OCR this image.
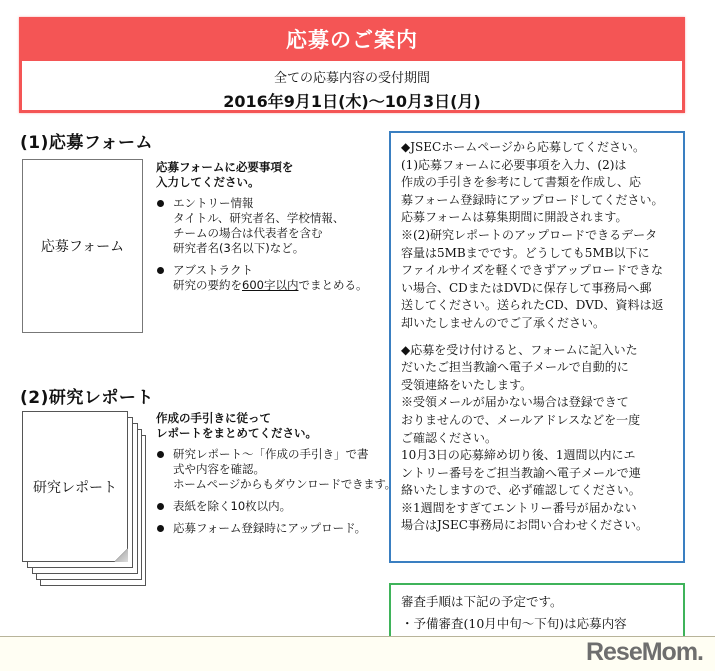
応募のご案内
全ての応募内容の受付期間
2016年9月1日(木)〜10月3日(月)
(1)応募フォーム
応募フォーム
応募フォームに必要事項を
入力してください。
エントリー情報
タイトル、研究者名、学校情報、
チームの場合は代表者を含む
研究者名(3名以下)など。
アブストラクト
研究の要約を600字以内でまとめる。
(2)研究レポート
研究レポート
作成の手引きに従って
レポートをまとめてください。
研究レポート〜「作成の手引き」で書
式や内容を確認。
ホームページからもダウンロードできます。
表紙を除く10枚以内。
応募フォーム登録時にアップロード。

◆JSECホームページから応募してください。

(1)応募フォームに必要事項を入力、(2)は

作成の手引きを参考にして書類を作成し、応

募フォーム登録時にアップロードしてください。

応募フォームは募集期間に開設されます。

※(2)研究レポートのアップロードできるデータ

容量は5MBまでです。どうしても5MB以下に

ファイルサイズを軽くできずアップロードできな

い場合、CDまたはDVDに保存して事務局へ郵

送してください。送られたCD、DVD、資料は返

却いたしませんのでご了承ください。

◆応募を受け付けると、フォームに記入いた

だいたご担当教諭へ電子メールで自動的に

受領連絡をいたします。

※受領メールが届かない場合は登録できて

おりませんので、メールアドレスなどを一度

ご確認ください。

10月3日の応募締め切り後、1週間以内にエ

ントリー番号をご担当教諭へ電子メールで連

絡いたしますので、必ず確認してください。

※1週間をすぎてエントリー番号が届かない

場合はJSEC事務局にお問い合わせください。

審査手順は下記の予定です。
・予備審査(10月中旬〜下旬)は応募内容
ReseMom.
